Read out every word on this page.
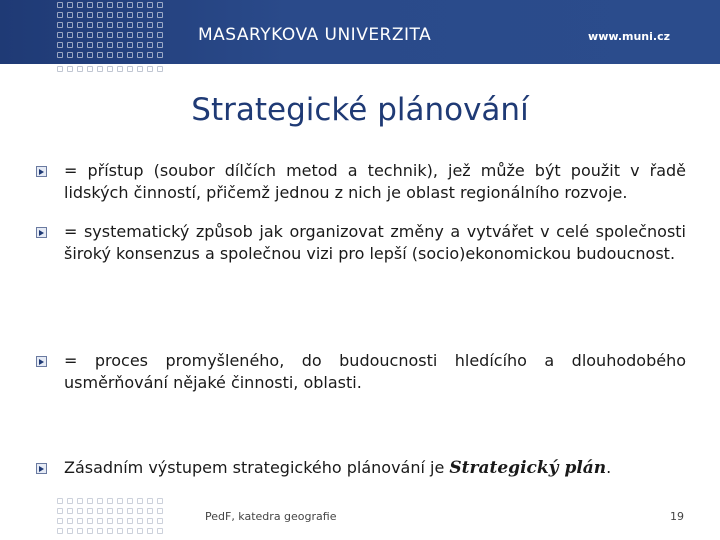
MASARYKOVA UNIVERZITA	www.muni.cz
Strategické plánování
= přístup (soubor dílčích metod a technik), jež může být použit v řadě lidských činností, přičemž jednou z nich je oblast regionálního rozvoje.
= systematický způsob jak organizovat změny a vytvářet v celé společnosti široký konsenzus a společnou vizi pro lepší (socio)ekonomickou budoucnost.
= proces promyšleného, do budoucnosti hledícího a dlouhodobého usměrňování nějaké činnosti, oblasti.
Zásadním výstupem strategického plánování je Strategický plán.
PedF, katedra geografie	19
